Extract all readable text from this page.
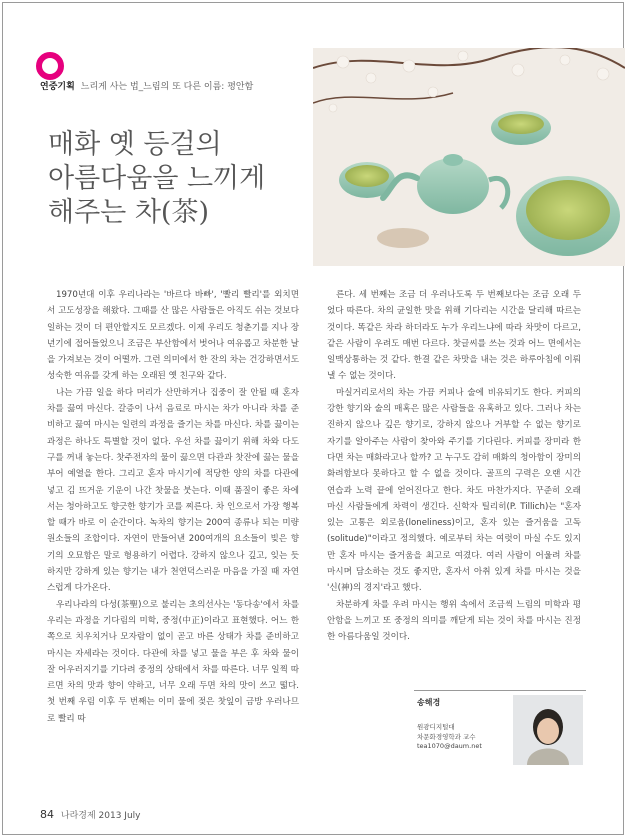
연중기획 느리게 사는 법_느림의 또 다른 이름: 평안함
매화 옛 등걸의
아름다움을 느끼게
해주는 차(茶)

1970년대 이후 우리나라는 '바르다 바빠', '빨리 빨리'를 외치면서 고도성장을 해왔다. 그때를 산 많은 사람들은 아직도 쉬는 것보다 일하는 것이 더 편안할지도 모르겠다. 이제 우리도 청춘기를 지나 장년기에 접어들었으니 조금은 부산함에서 벗어나 여유롭고 차분한 날을 가져보는 것이 어떨까. 그런 의미에서 한 잔의 차는 건강하면서도 성숙한 여유를 갖게 하는 오래된 옛 친구와 같다.

나는 가끔 일을 하다 머리가 산만하거나 집중이 잘 안될 때 혼자 차를 끓여 마신다. 갈증이 나서 음료로 마시는 차가 아니라 차를 준비하고 끓여 마시는 일련의 과정을 즐기는 차를 마신다. 차를 끓이는 과정은 하나도 특별할 것이 없다. 우선 차를 끓이기 위해 차와 다도구를 꺼내 놓는다. 찻주전자의 물이 끓으면 다관과 찻잔에 끓는 물을 부어 예열을 한다. 그리고 혼자 마시기에 적당한 양의 차를 다관에 넣고 김 뜨거운 기운이 나간 찻물을 붓는다. 이때 품질이 좋은 차에서는 청아하고도 향긋한 향기가 코를 찌른다. 차 인으로서 가장 행복할 때가 바로 이 순간이다. 녹차의 향기는 200여 종류나 되는 미량 원소들의 조합이다. 자연이 만들어낸 200여개의 요소들이 빚은 향기의 오묘함은 말로 형용하기 어렵다. 강하지 않으나 깊고, 잊는 듯하지만 강하게 있는 향기는 내가 천연덕스러운 마음을 가질 때 자연스럽게 다가온다.

우리나라의 다성(茶聖)으로 불리는 초의선사는 '동다송'에서 차를 우리는 과정을 기다림의 미학, 중정(中正)이라고 표현했다. 어느 한쪽으로 치우치거나 모자람이 없이 곧고 바른 상태가 차를 준비하고 마시는 자세라는 것이다. 다관에 차를 넣고 물을 부은 후 차와 물이 잘 어우러지기를 기다려 중정의 상태에서 차를 따른다. 너무 일찍 따르면 차의 맛과 향이 약하고, 너무 오래 두면 차의 맛이 쓰고 떫다. 첫 번째 우림 이후 두 번째는 이미 물에 젖은 찻잎이 금방 우러나므로 빨리 따

른다. 세 번째는 조금 더 우러나도록 두 번째보다는 조금 오래 두었다 따른다. 차의 균일한 맛을 위해 기다리는 시간을 달리해 따르는 것이다. 똑같은 차라 하더라도 누가 우리느냐에 따라 차맛이 다르고, 같은 사람이 우려도 매번 다르다. 찻글씨를 쓰는 것과 어느 면에서는 일맥상통하는 것 같다. 한결 같은 차맛을 내는 것은 하루아침에 이뤄낼 수 없는 것이다.

마실거리로서의 차는 가끔 커피나 술에 비유되기도 한다. 커피의 강한 향기와 술의 매혹은 많은 사람들을 유혹하고 있다. 그러나 차는 진하지 않으나 깊은 향기로, 강하지 않으나 거부할 수 없는 향기로 자기를 알아주는 사람이 찾아와 주기를 기다린다. 커피를 장미라 한다면 차는 매화라고나 할까? 고 누구도 감히 매화의 청아함이 장미의 화려함보다 못하다고 할 수 없을 것이다. 골프의 구력은 오랜 시간 연습과 노력 끝에 얻어진다고 한다. 차도 마찬가지다. 꾸준히 오래 마신 사람들에게 차력이 생긴다. 신학자 틸리히(P. Tillich)는 "혼자 있는 고통은 외로움(loneliness)이고, 혼자 있는 즐거움을 고독(solitude)"이라고 정의했다. 예로부터 차는 여럿이 마실 수도 있지만 혼자 마시는 즐거움을 최고로 여겼다. 여러 사람이 어울려 차를 마시며 담소하는 것도 좋지만, 혼자서 아취 있게 차를 마시는 것을 '신(神)의 경지'라고 했다.

차분하게 차를 우려 마시는 행위 속에서 조금씩 느림의 미학과 평안함을 느끼고 또 중정의 의미를 깨닫게 되는 것이 차를 마시는 진정한 아름다움일 것이다.

송해경
원광디지털대
차문화경영학과 교수
tea1070@daum.net
84 나라경제 2013 July
